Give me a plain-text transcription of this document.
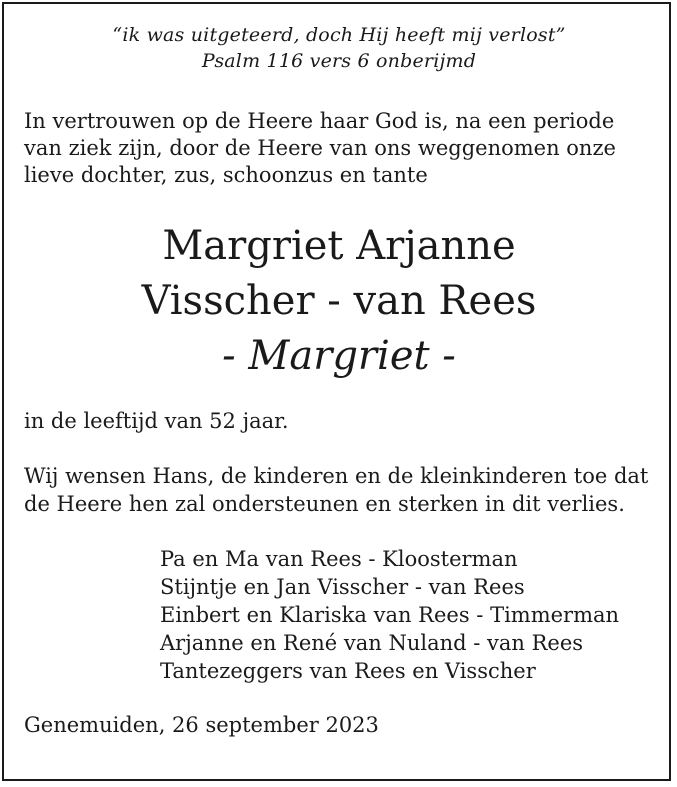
“ik was uitgeteerd, doch Hij heeft mij verlost”
Psalm 116 vers 6 onberijmd
In vertrouwen op de Heere haar God is, na een periode
van ziek zijn, door de Heere van ons weggenomen onze
lieve dochter, zus, schoonzus en tante
Margriet Arjanne
Visscher - van Rees
- Margriet -
in de leeftijd van 52 jaar.
Wij wensen Hans, de kinderen en de kleinkinderen toe dat
de Heere hen zal ondersteunen en sterken in dit verlies.
Pa en Ma van Rees - Kloosterman
Stijntje en Jan Visscher - van Rees
Einbert en Klariska van Rees - Timmerman
Arjanne en René van Nuland - van Rees
Tantezeggers van Rees en Visscher
Genemuiden, 26 september 2023
